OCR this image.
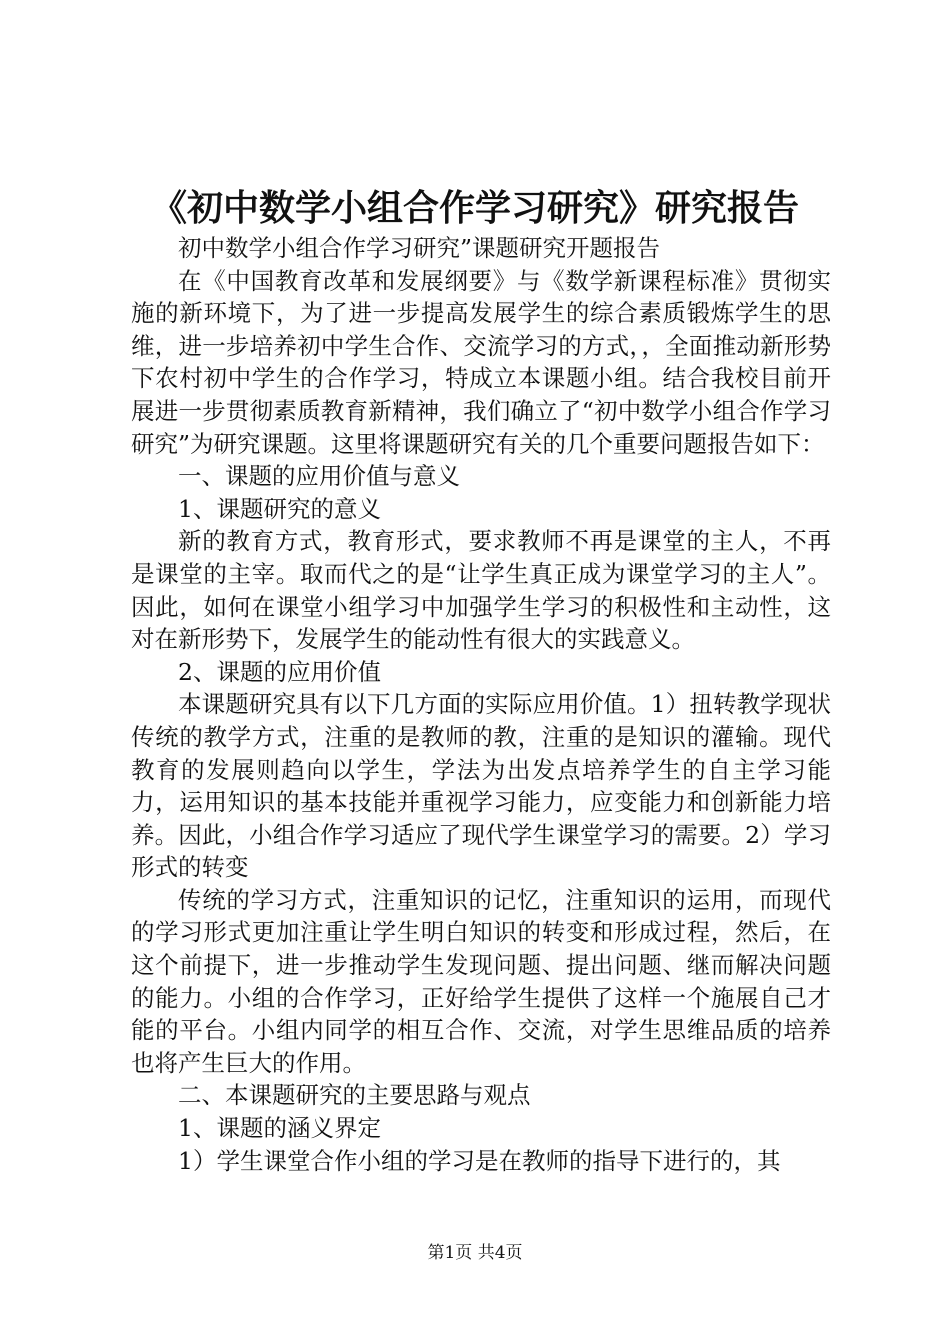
《初中数学小组合作学习研究》研究报告

初中数学小组合作学习研究”课题研究开题报告

在《中国教育改革和发展纲要》与《数学新课程标准》贯彻实施的新环境下，为了进一步提高发展学生的综合素质锻炼学生的思维，进一步培养初中学生合作、交流学习的方式，，全面推动新形势下农村初中学生的合作学习，特成立本课题小组。结合我校目前开展进一步贯彻素质教育新精神，我们确立了“初中数学小组合作学习研究”为研究课题。这里将课题研究有关的几个重要问题报告如下：

一、课题的应用价值与意义

1、课题研究的意义

新的教育方式，教育形式，要求教师不再是课堂的主人，不再是课堂的主宰。取而代之的是“让学生真正成为课堂学习的主人”。因此，如何在课堂小组学习中加强学生学习的积极性和主动性，这对在新形势下，发展学生的能动性有很大的实践意义。

2、课题的应用价值

本课题研究具有以下几方面的实际应用价值。1）扭转教学现状传统的教学方式，注重的是教师的教，注重的是知识的灌输。现代教育的发展则趋向以学生，学法为出发点培养学生的自主学习能力，运用知识的基本技能并重视学习能力，应变能力和创新能力培养。因此，小组合作学习适应了现代学生课堂学习的需要。2）学习形式的转变

传统的学习方式，注重知识的记忆，注重知识的运用，而现代的学习形式更加注重让学生明白知识的转变和形成过程，然后，在这个前提下，进一步推动学生发现问题、提出问题、继而解决问题的能力。小组的合作学习，正好给学生提供了这样一个施展自己才能的平台。小组内同学的相互合作、交流，对学生思维品质的培养也将产生巨大的作用。

二、本课题研究的主要思路与观点

1、课题的涵义界定

1）学生课堂合作小组的学习是在教师的指导下进行的，其

第1页 共4页
